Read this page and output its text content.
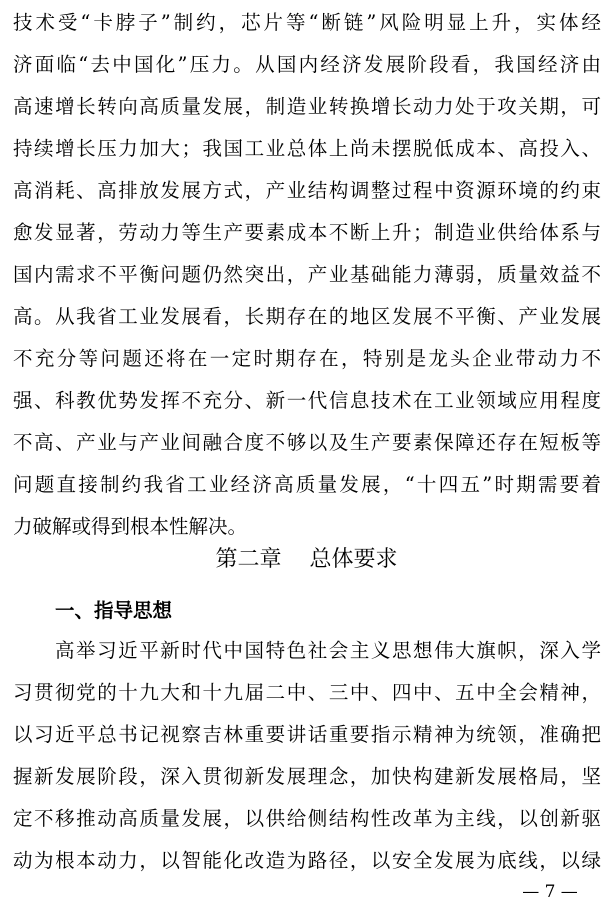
技术受“卡脖子”制约，芯片等“断链”风险明显上升，实体经
济面临“去中国化”压力。从国内经济发展阶段看，我国经济由
高速增长转向高质量发展，制造业转换增长动力处于攻关期，可
持续增长压力加大；我国工业总体上尚未摆脱低成本、高投入、
高消耗、高排放发展方式，产业结构调整过程中资源环境的约束
愈发显著，劳动力等生产要素成本不断上升；制造业供给体系与
国内需求不平衡问题仍然突出，产业基础能力薄弱，质量效益不
高。从我省工业发展看，长期存在的地区发展不平衡、产业发展
不充分等问题还将在一定时期存在，特别是龙头企业带动力不
强、科教优势发挥不充分、新一代信息技术在工业领域应用程度
不高、产业与产业间融合度不够以及生产要素保障还存在短板等
问题直接制约我省工业经济高质量发展，“十四五”时期需要着
力破解或得到根本性解决。
第二章    总体要求
一、指导思想
高举习近平新时代中国特色社会主义思想伟大旗帜，深入学
习贯彻党的十九大和十九届二中、三中、四中、五中全会精神，
以习近平总书记视察吉林重要讲话重要指示精神为统领，准确把
握新发展阶段，深入贯彻新发展理念，加快构建新发展格局，坚
定不移推动高质量发展，以供给侧结构性改革为主线，以创新驱
动为根本动力，以智能化改造为路径，以安全发展为底线，以绿
— 7 —
